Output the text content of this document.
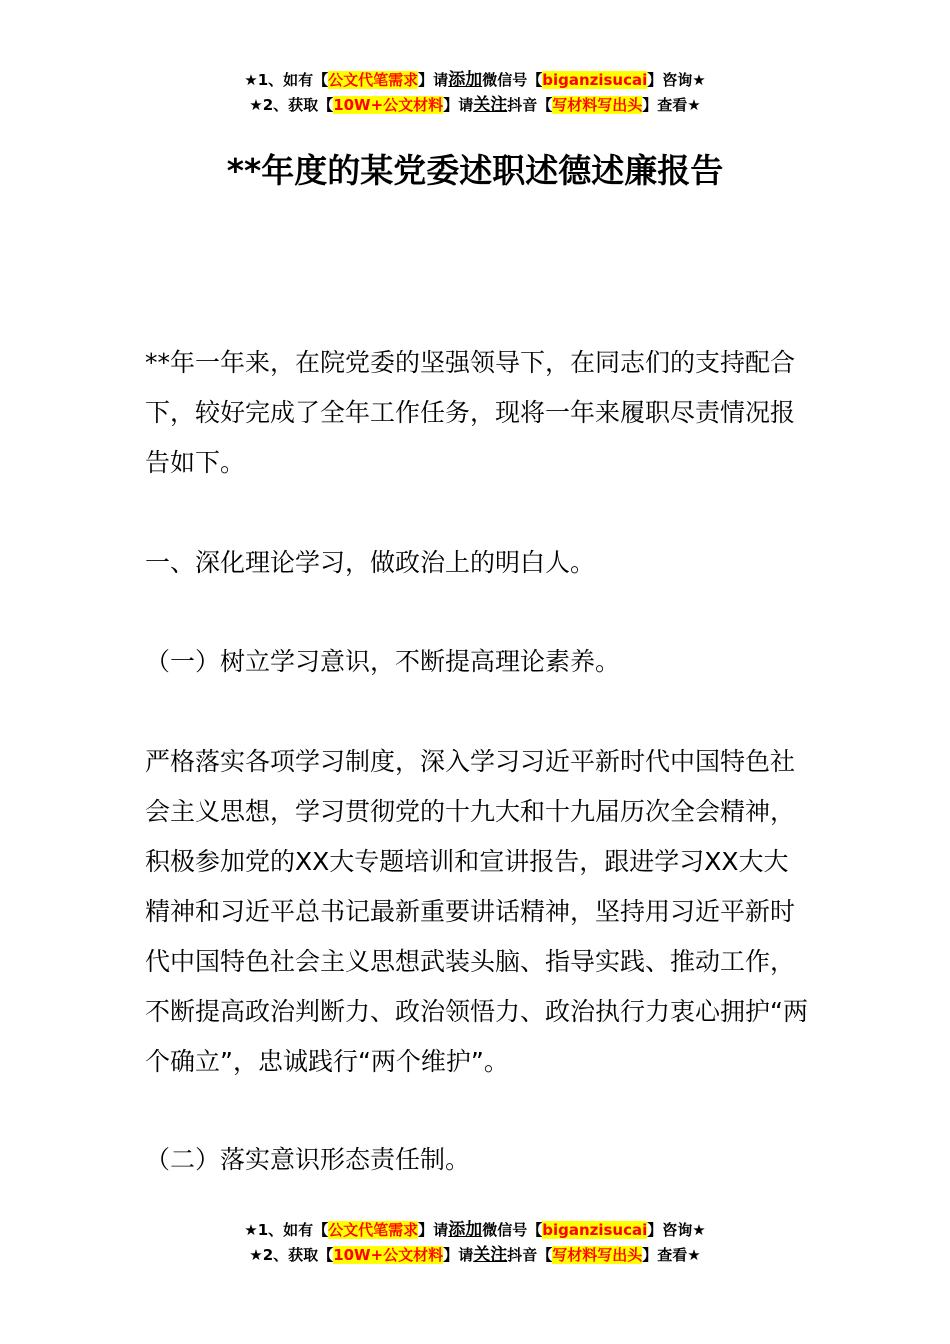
★1、如有【公文代笔需求】请添加微信号【biganzisucai】咨询★
★2、获取【10W+公文材料】请关注抖音【写材料写出头】查看★
**年度的某党委述职述德述廉报告

**年一年来，在院党委的坚强领导下，在同志们的支持配合下，较好完成了全年工作任务，现将一年来履职尽责情况报告如下。

一、深化理论学习，做政治上的明白人。

（一）树立学习意识，不断提高理论素养。

严格落实各项学习制度，深入学习习近平新时代中国特色社会主义思想，学习贯彻党的十九大和十九届历次全会精神，积极参加党的XX大专题培训和宣讲报告，跟进学习XX大大精神和习近平总书记最新重要讲话精神，坚持用习近平新时代中国特色社会主义思想武装头脑、指导实践、推动工作，不断提高政治判断力、政治领悟力、政治执行力衷心拥护“两个确立”，忠诚践行“两个维护”。

（二）落实意识形态责任制。

★1、如有【公文代笔需求】请添加微信号【biganzisucai】咨询★
★2、获取【10W+公文材料】请关注抖音【写材料写出头】查看★
